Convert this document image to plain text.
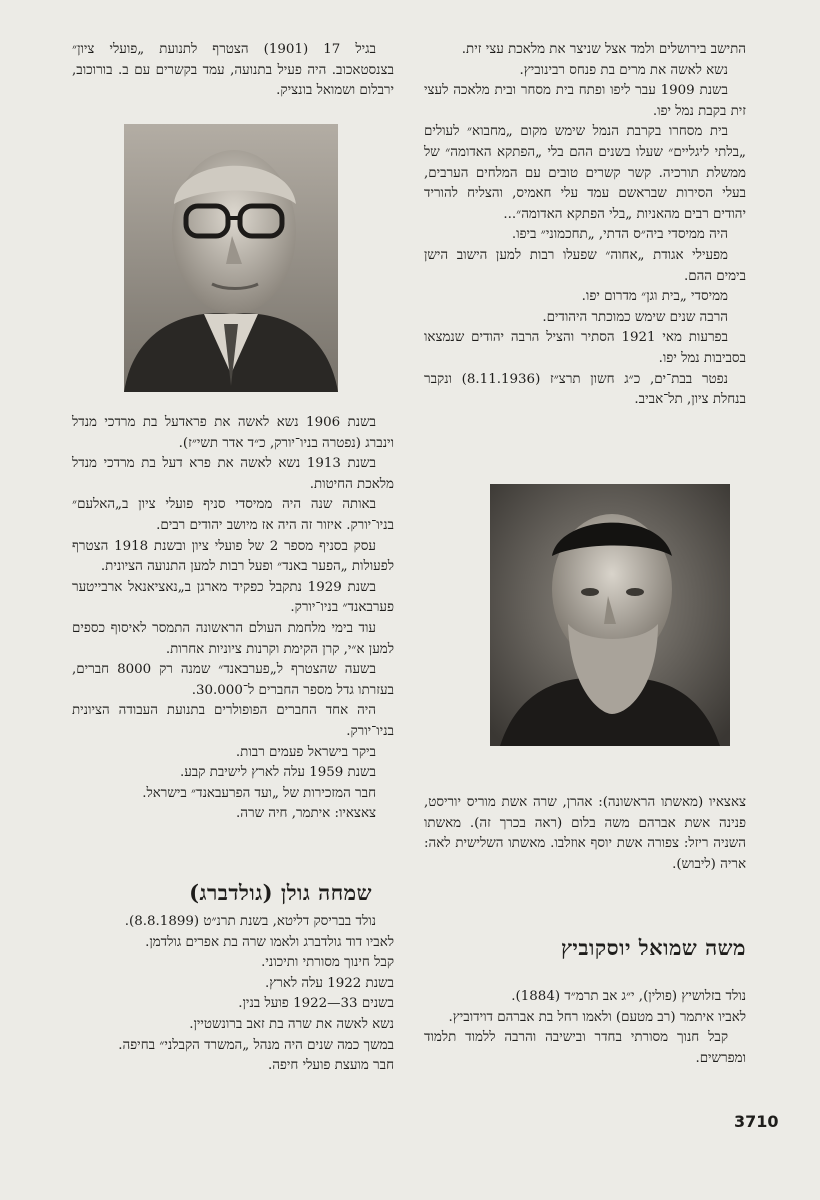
התישב בירושלים ולמד אצל שניצר את מלאכת עצי זית.

נשא לאשה את מרים בת פנחס רבינוביץ.

בשנת 1909 עבר ליפו ופתח בית מסחר ובית מלאכה לעצי זית בקבת נמל יפו.

בית מסחרו בקרבת הנמל שימש מקום „מחבוא״ לעולים „בלתי ליגליים״ שעלו בשנים ההם בלי „הפתקא האדומה״ של ממשלת תורכיה. קשר קשרים טובים עם המלחים הערבים, בעלי הסירות שבראשם עמד עלי חאמיס, והצליח להוריד יהודים רבים מהאניות „בלי הפתקא האדומה״...

היה ממיסדי ביה״ס הדתי, „תחכמוני״ ביפו.

מפעילי אגודת „אחוה״ שפעלו רבות למען הישוב הישן בימים ההם.

ממיסדי „בית וגן״ מדרום יפו.

הרבה שנים שימש כמוכתר היהודים.

בפרעות מאי 1921 הסתיר והציל הרבה יהודים שנמצאו בסביבות נמל יפו.

נפטר בבת־ים, כ״ג חשון תרצ״ז (8.11.1936) ונקבר בנחלת ציון, תל־אביב.

צאצאיו (מאשתו הראשונה): אהרן, שרה אשת מוריס יוריסט, פנינה אשת אברהם משה בלום (ראה בכרך זה). מאשתו השניה ריזל: צפורה אשת יוסף אוזלבו. מאשתו השלישית לאה: אריה (ליבוש).

משה שמואל יוסקוביץ

נולד בזלושיץ (פולין), י״ג אב תרמ״ד (1884).

לאביו איתמר (רב מטעם) ולאמו רחל בת אברהם דוידוביץ.

קבל חנוך מסורתי בחדר ובישיבה והרבה ללמוד תלמוד ומפרשים.

בגיל 17 (1901) הצטרף לתנועת „פועלי ציון״ בצנסטאכוב. היה פעיל בתנועה, עמד בקשרים עם ב. בורוכוב, ירבלום ושמואל בונציק.

בשנת 1906 נשא לאשה את פראדעל בת מרדכי מנדל וינברג (נפטרה בניו־יורק, כ״ד אדר תשי״ז).

בשנת 1913 נשא לאשה את פרא דעל בת מרדכי מנדל מלאכת החיטות.

באותה שנה היה ממיסדי סניף פועלי ציון ב„האלעם״ בניו־יורק. איזור זה היה אז מיושב יהודים רבים.

עסק בסניף מספר 2 של פועלי ציון ובשנת 1918 הצטרף לפעולות „הפער באנד״ ופעל רבות למען התנועה הציונית.

בשנת 1929 נתקבל כפקיד מארגן ב„נאציאנאל ארבייטער פערבאנד״ בניו־יורק.

עוד בימי מלחמת העולם הראשונה התמסר לאיסוף כספים למען א״י, קרן הקימת וקרנות ציוניות אחרות.

בשעה שהצטרף ל„פערבאנד״ שמנה רק 8000 חברים, בעזרתו גדל מספר החברים ל־30.000.

היה אחד החברים הפופולרים בתנועת העבודה הציונית בניו־יורק.

ביקר בישראל פעמים רבות.

בשנת 1959 עלה לארץ לישיבת קבע.

חבר המזכירות של „ועד הפרעבאנד״ בישראל.

צאצאיו: איתמר, חיה שרה.

שמחה גולן (גולדברג)

נולד בבריסק דליטא, בשנת תרנ״ט (8.8.1899).

לאביו דוד גולדברג ולאמו שרה בת אפרים גולדמן.

קבל חינוך מסורתי ותיכוני.

בשנת 1922 עלה לארץ.

בשנים 33—1922 פועל בנין.

נשא לאשה את שרה בת זאב ברונשטיין.

במשך כמה שנים היה מנהל „המשרד הקבלני״ בחיפה.

חבר מועצת פועלי חיפה.

3710
